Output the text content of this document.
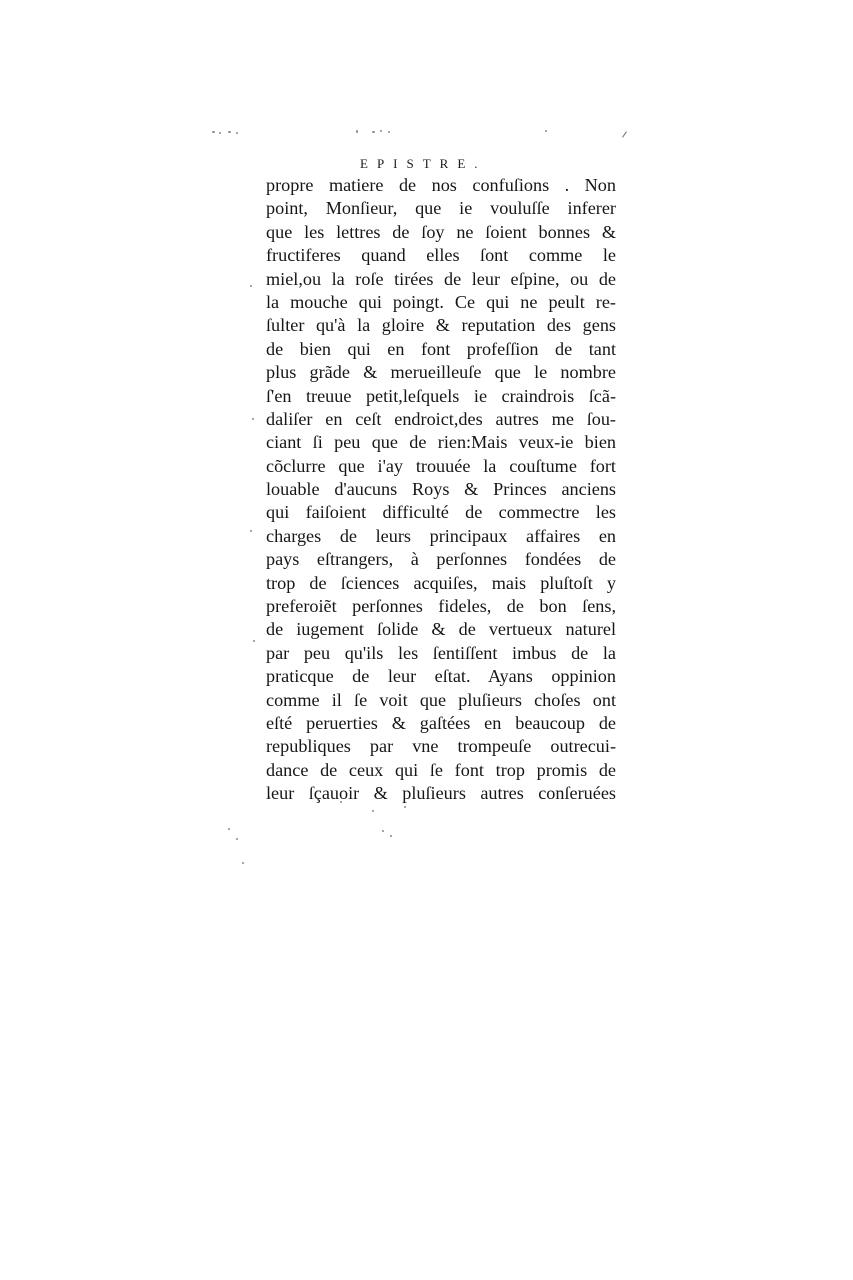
EPISTRE.
propre matiere de nos confuſions . Non
point, Monſieur, que ie vouluſſe inferer
que les lettres de ſoy ne ſoient bonnes &
fructiferes quand elles ſont comme le
miel,ou la roſe tirées de leur eſpine, ou de
la mouche qui poingt. Ce qui ne peult re-
ſulter qu'à la gloire & reputation des gens
de bien qui en font profeſſion de tant
plus grãde & merueilleuſe que le nombre
ſ'en treuue petit,leſquels ie craindrois ſcã-
daliſer en ceſt endroict,des autres me ſou-
ciant ſi peu que de rien:Mais veux-ie bien
cõclurre que i'ay trouuée la couſtume fort
louable d'aucuns Roys & Princes anciens
qui faiſoient difficulté de commectre les
charges de leurs principaux affaires en
pays eſtrangers, à perſonnes fondées de
trop de ſciences acquiſes, mais pluſtoſt y
preferoiẽt perſonnes fideles, de bon ſens,
de iugement ſolide & de vertueux naturel
par peu qu'ils les ſentiſſent imbus de la
praticque de leur eſtat. Ayans oppinion
comme il ſe voit que pluſieurs choſes ont
eſté peruerties & gaſtées en beaucoup de
republiques par vne trompeuſe outrecui-
dance de ceux qui ſe font trop promis de
leur ſçauoir & pluſieurs autres conſeruées
